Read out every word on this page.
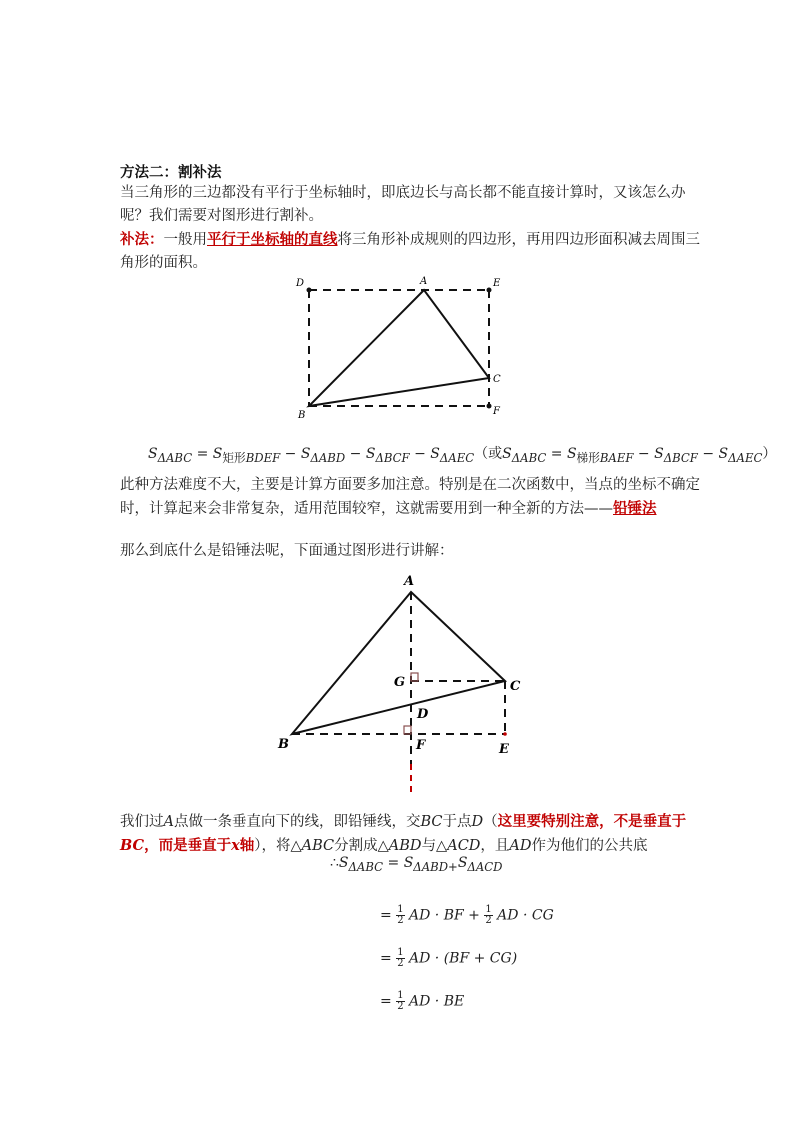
方法二：割补法
当三角形的三边都没有平行于坐标轴时，即底边长与高长都不能直接计算时，又该怎么办呢？我们需要对图形进行割补。
补法：一般用平行于坐标轴的直线将三角形补成规则的四边形，再用四边形面积减去周围三角形的面积。
D	A	E
C
B	F
$S_{\Delta ABC} = S_{矩形BDEF} - S_{\Delta ABD} - S_{\Delta BCF} - S_{\Delta AEC}$（或$S_{\Delta ABC} = S_{梯形BAEF} - S_{\Delta BCF} - S_{\Delta AEC}$）
此种方法难度不大，主要是计算方面要多加注意。特别是在二次函数中，当点的坐标不确定时，计算起来会非常复杂，适用范围较窄，这就需要用到一种全新的方法——铅锤法
那么到底什么是铅锤法呢，下面通过图形进行讲解：
A
G	C
D
B	F	E
我们过A点做一条垂直向下的线，即铅锤线，交BC于点D（这里要特别注意，不是垂直于BC，而是垂直于x轴），将△ABC分割成△ABD与△ACD，且AD作为他们的公共底
$\therefore S_{\Delta ABC} = S_{\Delta ABD+}S_{\Delta ACD}$
= $\frac{1}{2}$ AD · BF + $\frac{1}{2}$ AD · CG
= $\frac{1}{2}$ AD · (BF + CG)
= $\frac{1}{2}$ AD · BE
